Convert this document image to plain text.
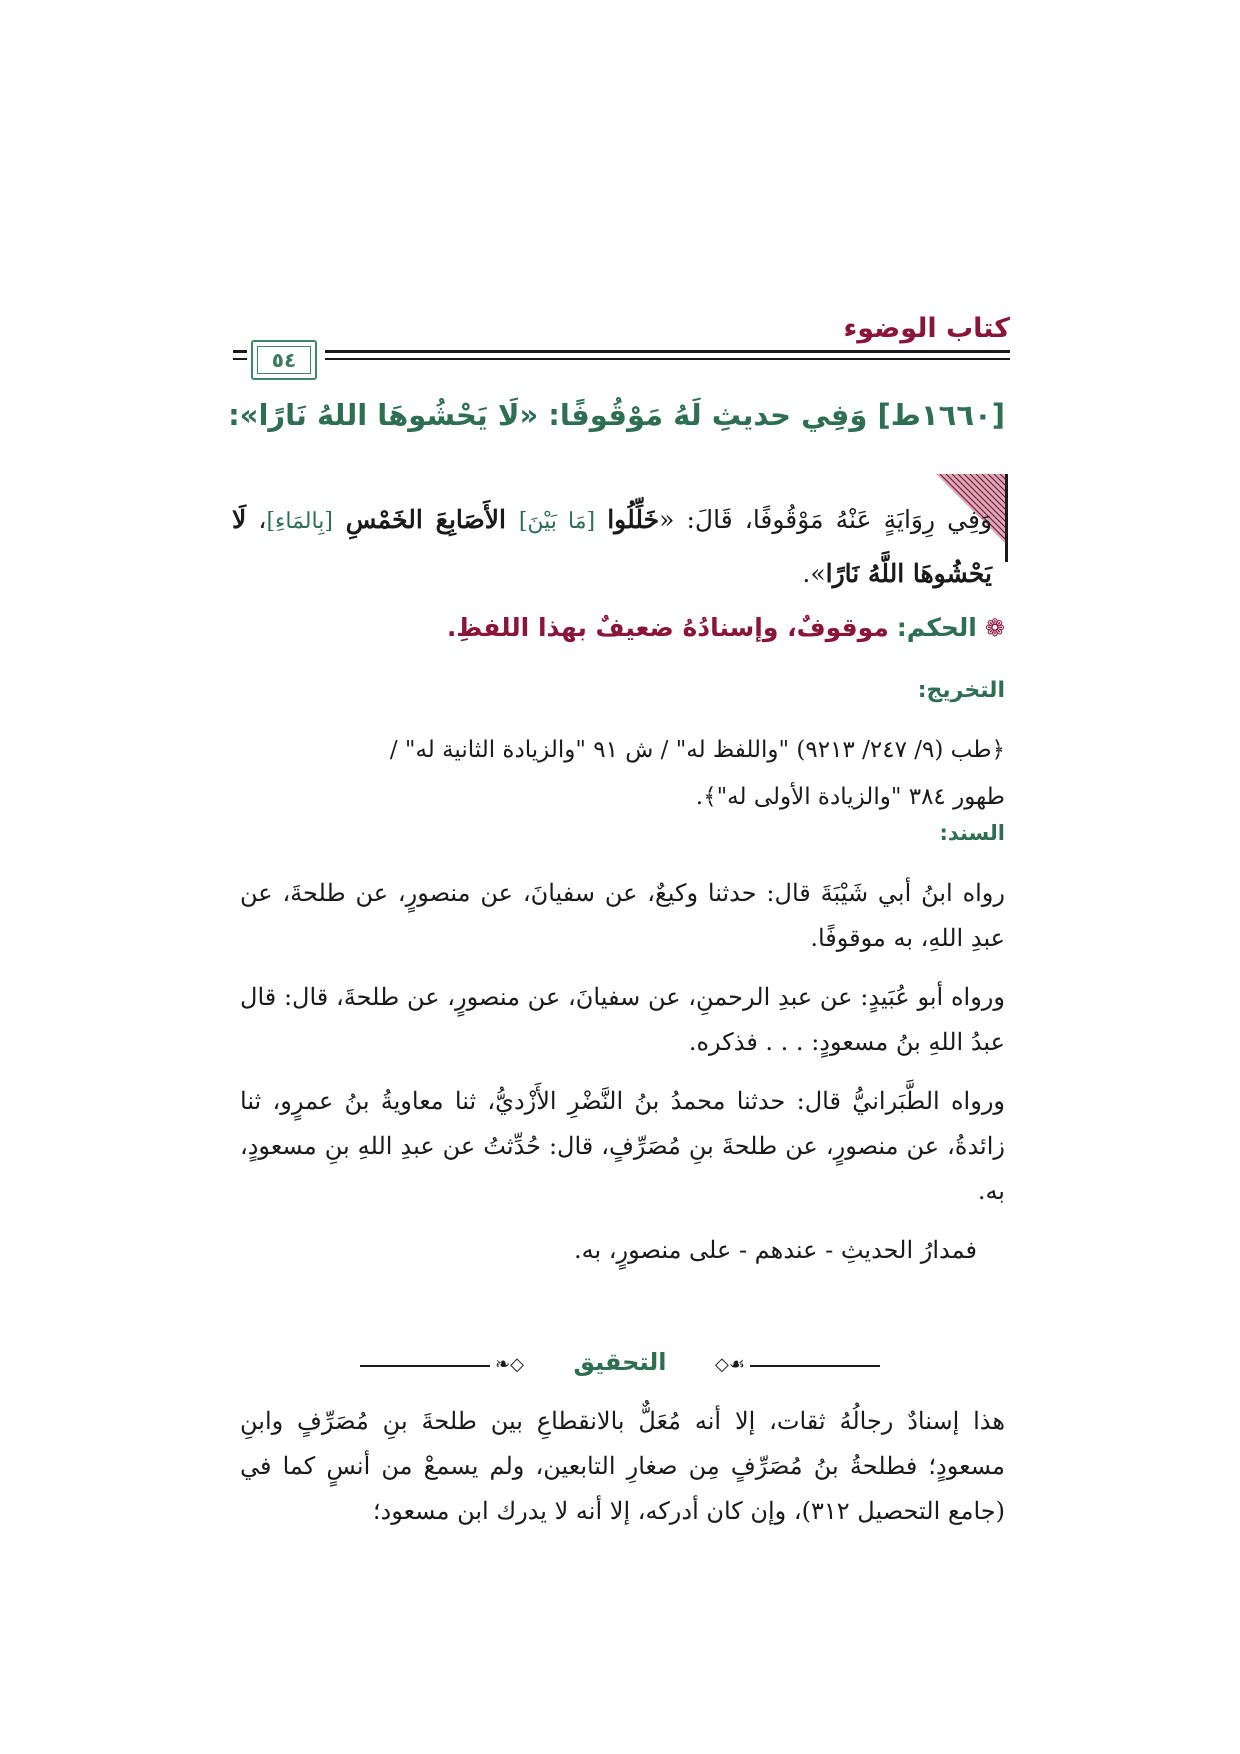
كتاب الوضوء
٥٤
[١٦٦٠ط] وَفِي حديثِ لَهُ مَوْقُوفًا: «لَا يَحْشُوهَا اللهُ نَارًا»:
وَفِي رِوَايَةٍ عَنْهُ مَوْقُوفًا، قَالَ: «خَلِّلُوا [مَا بَيْنَ] الأَصَابِعَ الخَمْسِ [بِالمَاءِ]، لَا يَحْشُوهَا اللَّهُ نَارًا».
❁الحكم: موقوفٌ، وإسنادُهُ ضعيفٌ بهذا اللفظِ.
التخريج:
﴿طب (٩/ ٢٤٧/ ٩٢١٣) "واللفظ له" / ش ٩١ "والزيادة الثانية له" /
طهور ٣٨٤ "والزيادة الأولى له"﴾.
السند:
رواه ابنُ أبي شَيْبَةَ قال: حدثنا وكيعٌ، عن سفيانَ، عن منصورٍ، عن طلحةَ، عن عبدِ اللهِ، به موقوفًا.
ورواه أبو عُبَيدٍ: عن عبدِ الرحمنِ، عن سفيانَ، عن منصورٍ، عن طلحةَ، قال: قال عبدُ اللهِ بنُ مسعودٍ: . . . فذكره.
ورواه الطَّبَرانيُّ قال: حدثنا محمدُ بنُ النَّضْرِ الأَزْديُّ، ثنا معاويةُ بنُ عمرٍو، ثنا زائدةُ، عن منصورٍ، عن طلحةَ بنِ مُصَرِّفٍ، قال: حُدِّثتُ عن عبدِ اللهِ بنِ مسعودٍ، به.
فمدارُ الحديثِ - عندهم - على منصورٍ، به.
◇❧ التحقيق	☙◇
هذا إسنادٌ رجالُهُ ثقات، إلا أنه مُعَلٌّ بالانقطاعِ بين طلحةَ بنِ مُصَرِّفٍ وابنِ مسعودٍ؛ فطلحةُ بنُ مُصَرِّفٍ مِن صغارِ التابعين، ولم يسمعْ من أنسٍ كما في (جامع التحصيل ٣١٢)، وإن كان أدركه، إلا أنه لا يدرك ابن مسعود؛
